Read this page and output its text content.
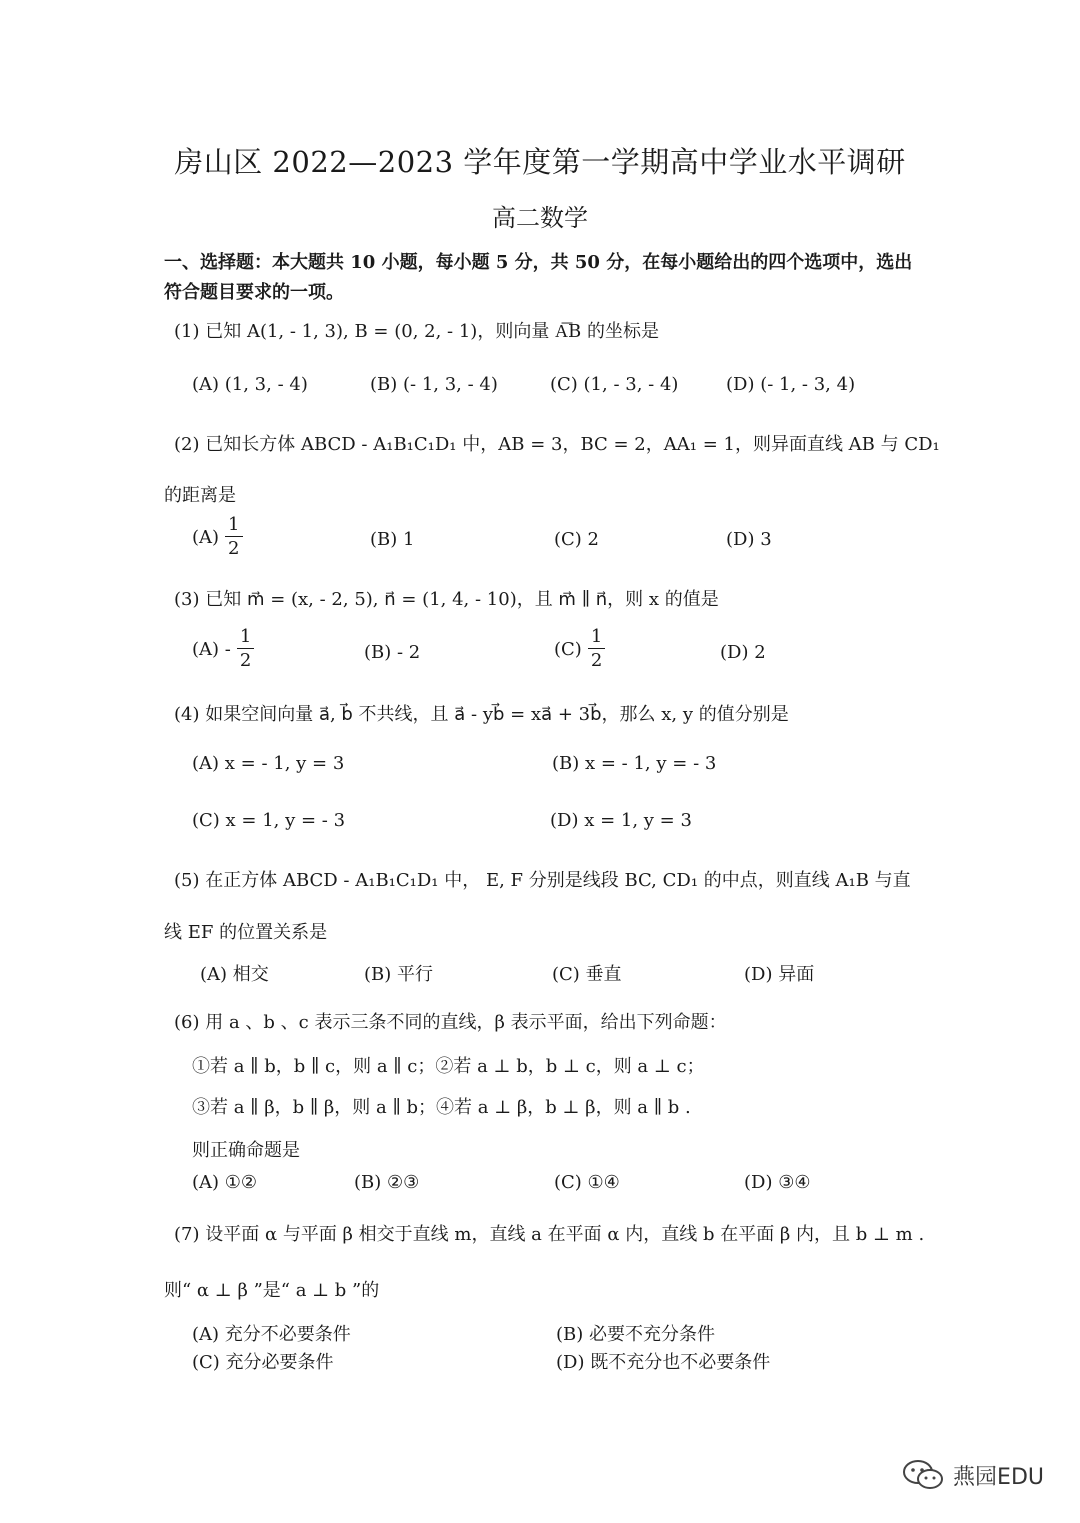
房山区 2022—2023 学年度第一学期高中学业水平调研
高二数学
一、选择题：本大题共 10 小题，每小题 5 分，共 50 分，在每小题给出的四个选项中，选出
符合题目要求的一项。
(1) 已知 A(1, - 1, 3), B = (0, 2, - 1)，则向量 A͞B 的坐标是
(A) (1, 3, - 4)	(B) (- 1, 3, - 4)	(C) (1, - 3, - 4)	(D) (- 1, - 3, 4)
(2) 已知长方体 ABCD - A₁B₁C₁D₁ 中，AB = 3，BC = 2，AA₁ = 1，则异面直线 AB 与 CD₁
的距离是
$(A) \frac{1}{2}$	(B) 1	(C) 2	(D) 3
(3) 已知 m⃗ = (x, - 2, 5), n⃗ = (1, 4, - 10)，且 m⃗ ∥ n⃗，则 x 的值是
$(A) - \frac{1}{2}$	(B) - 2	$(C) \frac{1}{2}$	(D) 2
(4) 如果空间向量 a⃗, b⃗ 不共线，且 a⃗ - yb⃗ = xa⃗ + 3b⃗，那么 x, y 的值分别是
(A) x = - 1, y = 3	(B) x = - 1, y = - 3
(C) x = 1, y = - 3	(D) x = 1, y = 3
(5) 在正方体 ABCD - A₁B₁C₁D₁ 中， E, F 分别是线段 BC, CD₁ 的中点，则直线 A₁B 与直
线 EF 的位置关系是
(A) 相交	(B) 平行	(C) 垂直	(D) 异面
(6) 用 a 、b 、c 表示三条不同的直线，β 表示平面，给出下列命题：
①若 a ∥ b，b ∥ c，则 a ∥ c；②若 a ⊥ b，b ⊥ c，则 a ⊥ c；
③若 a ∥ β，b ∥ β，则 a ∥ b；④若 a ⊥ β，b ⊥ β，则 a ∥ b .
则正确命题是
(A) ①②	(B) ②③	(C) ①④	(D) ③④
(7) 设平面 α 与平面 β 相交于直线 m，直线 a 在平面 α 内，直线 b 在平面 β 内，且 b ⊥ m .
则“ α ⊥ β ”是“ a ⊥ b ”的
(A) 充分不必要条件	(B) 必要不充分条件
(C) 充分必要条件	(D) 既不充分也不必要条件
燕园EDU
